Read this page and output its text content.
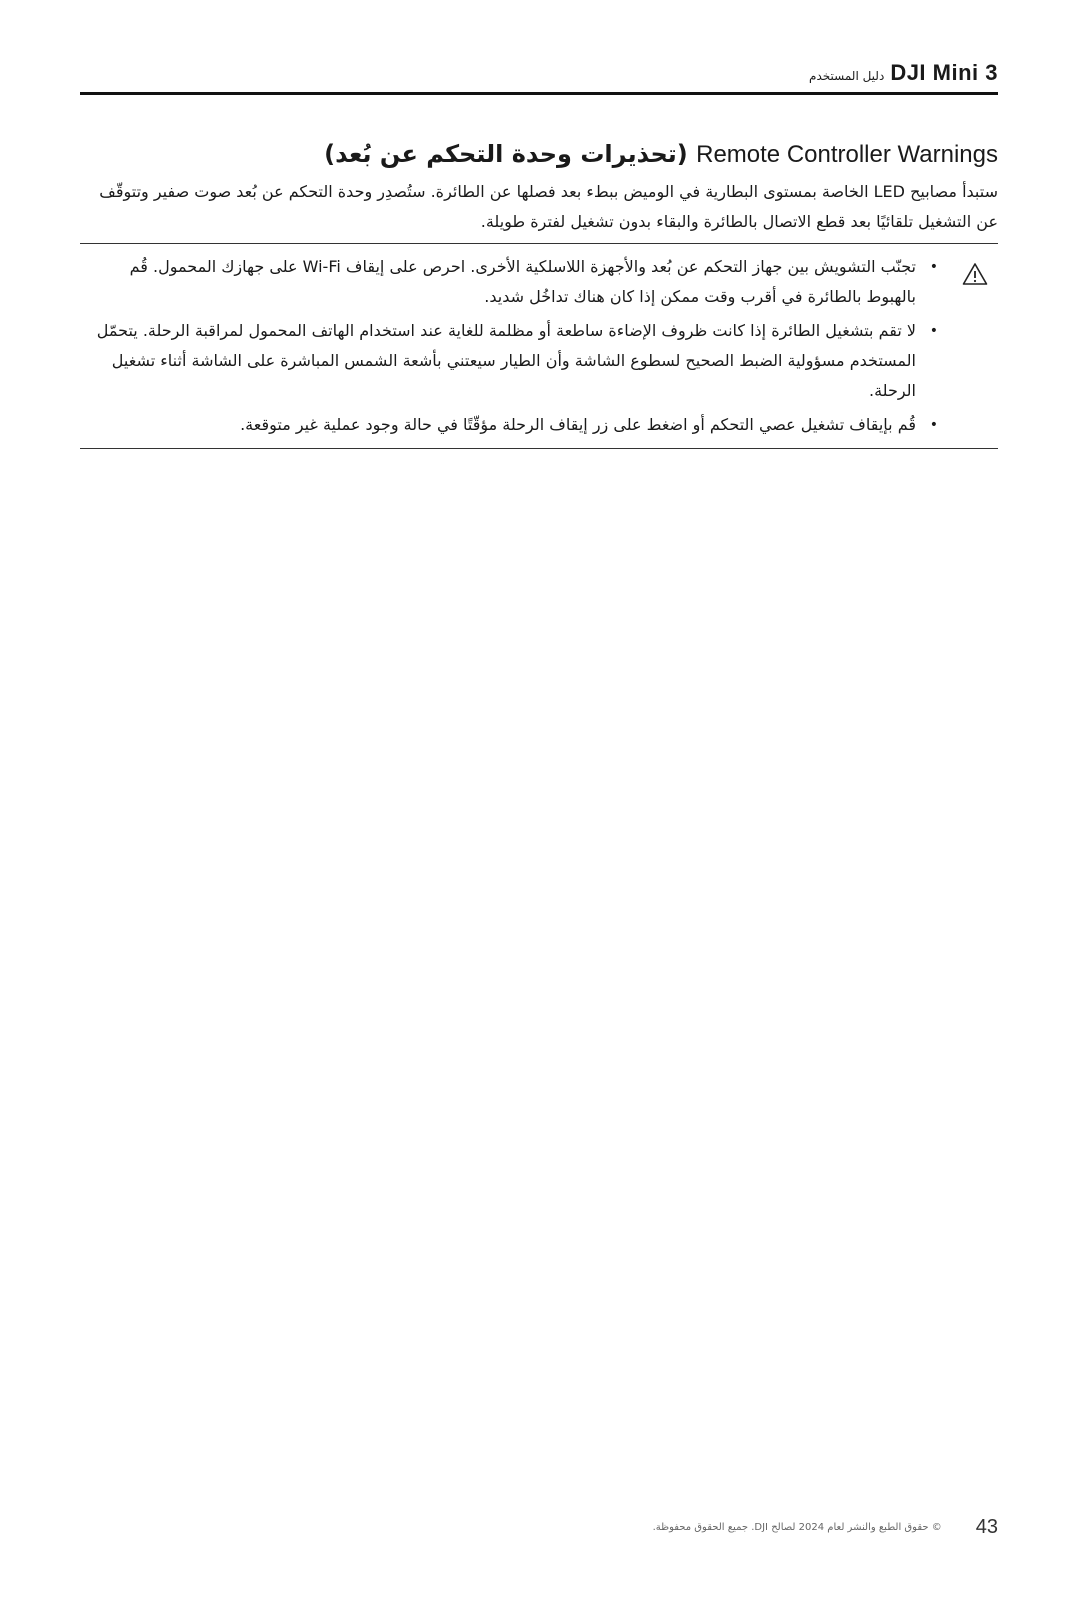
DJI Mini 3دليل المستخدم
Remote Controller Warnings (تحذيرات وحدة التحكم عن بُعد)

ستبدأ مصابيح LED الخاصة بمستوى البطارية في الوميض ببطء بعد فصلها عن الطائرة. ستُصدِر وحدة التحكم عن بُعد صوت صفير وتتوقّف عن التشغيل تلقائيًا بعد قطع الاتصال بالطائرة والبقاء بدون تشغيل لفترة طويلة.

•
تجنّب التشويش بين جهاز التحكم عن بُعد والأجهزة اللاسلكية الأخرى. احرص على إيقاف Wi-Fi على جهازك المحمول. قُم بالهبوط بالطائرة في أقرب وقت ممكن إذا كان هناك تداخُل شديد.
•
لا تقم بتشغيل الطائرة إذا كانت ظروف الإضاءة ساطعة أو مظلمة للغاية عند استخدام الهاتف المحمول لمراقبة الرحلة. يتحمّل المستخدم مسؤولية الضبط الصحيح لسطوع الشاشة وأن الطيار سيعتني بأشعة الشمس المباشرة على الشاشة أثناء تشغيل الرحلة.
•
قُم بإيقاف تشغيل عصي التحكم أو اضغط على زر إيقاف الرحلة مؤقّتًا في حالة وجود عملية غير متوقعة.
© حقوق الطبع والنشر لعام 2024 لصالح DJI. جميع الحقوق محفوظة. 43
